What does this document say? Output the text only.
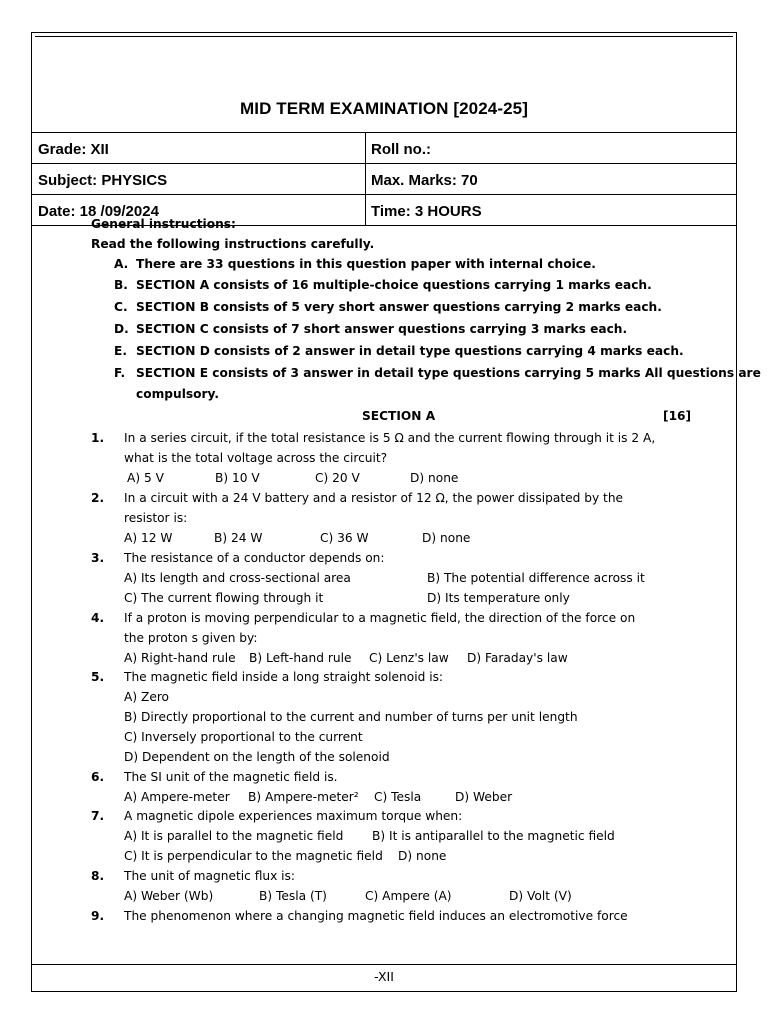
MID TERM EXAMINATION [2024-25]
Grade: XII	Roll no.:
Subject: PHYSICS	Max. Marks: 70
Date: 18 /09/2024	Time: 3 HOURS
General instructions:
Read the following instructions carefully.
A. There are 33 questions in this question paper with internal choice.
B. SECTION A consists of 16 multiple-choice questions carrying 1 marks each.
C. SECTION B consists of 5 very short answer questions carrying 2 marks each.
D. SECTION C consists of 7 short answer questions carrying 3 marks each.
E. SECTION D consists of 2 answer in detail type questions carrying 4 marks each.
F. SECTION E consists of 3 answer in detail type questions carrying 5 marks All questions are
compulsory.
SECTION A	[16]
1. In a series circuit, if the total resistance is 5 Ω and the current flowing through it is 2 A,
what is the total voltage across the circuit?
A) 5 V	B) 10 V	C) 20 V	D) none
2. In a circuit with a 24 V battery and a resistor of 12 Ω, the power dissipated by the
resistor is:
A) 12 W	B) 24 W	C) 36 W	D) none
3. The resistance of a conductor depends on:
A) Its length and cross-sectional area	B) The potential difference across it
C) The current flowing through it	D) Its temperature only
4. If a proton is moving perpendicular to a magnetic field, the direction of the force on
the proton s given by:
A) Right-hand rule B) Left-hand rule C) Lenz's law D) Faraday's law
5. The magnetic field inside a long straight solenoid is:
A) Zero
B) Directly proportional to the current and number of turns per unit length
C) Inversely proportional to the current
D) Dependent on the length of the solenoid
6. The SI unit of the magnetic field is.
A) Ampere-meter B) Ampere-meter² C) Tesla	D) Weber
7. A magnetic dipole experiences maximum torque when:
A) It is parallel to the magnetic field B) It is antiparallel to the magnetic field
C) It is perpendicular to the magnetic field D) none
8. The unit of magnetic flux is:
A) Weber (Wb)	B) Tesla (T)	C) Ampere (A)	D) Volt (V)
9. The phenomenon where a changing magnetic field induces an electromotive force
-XII
